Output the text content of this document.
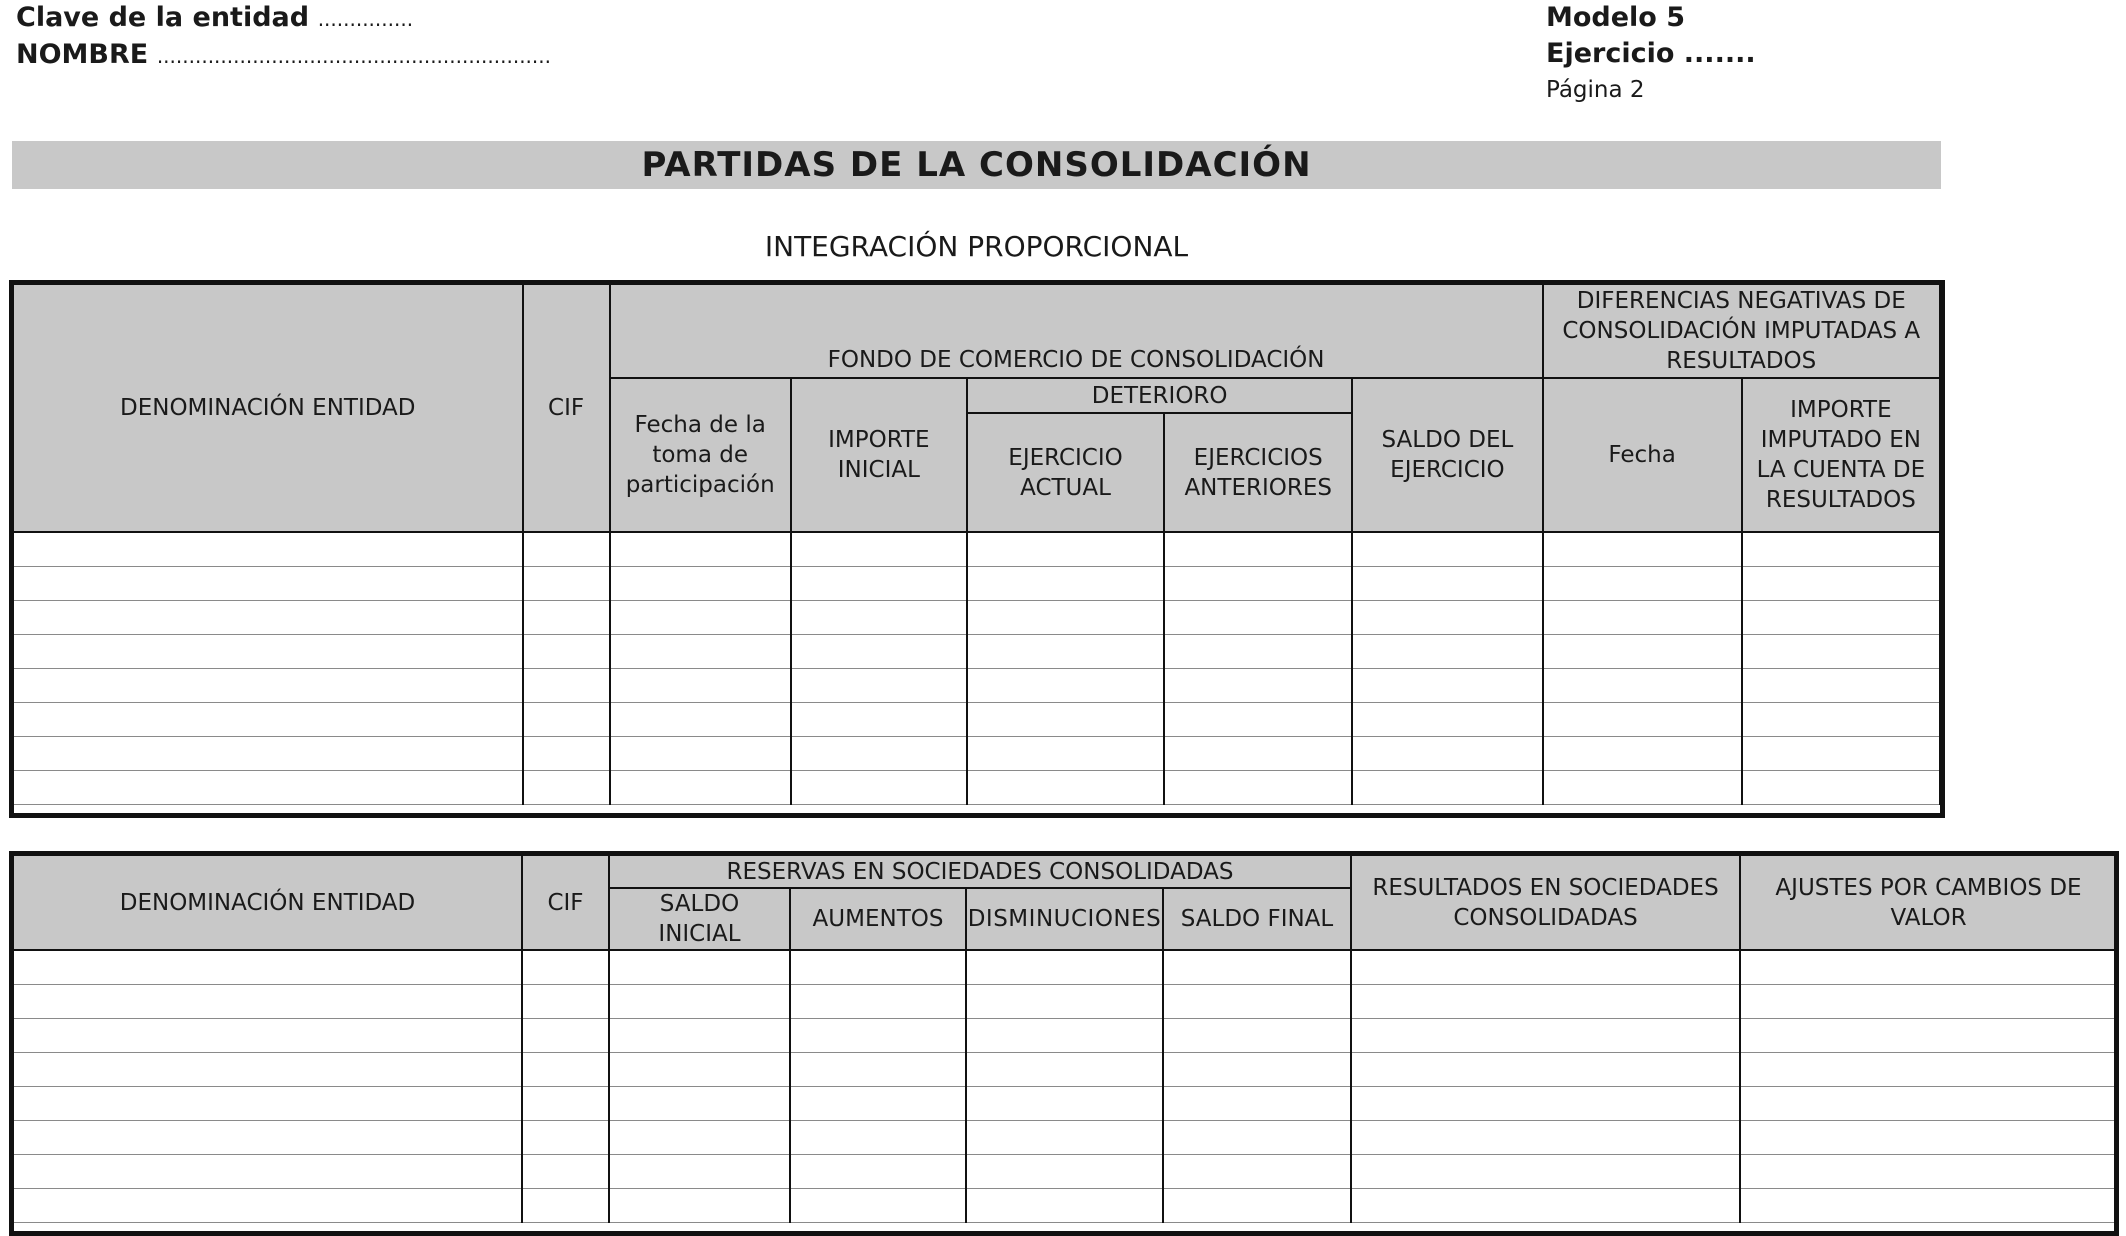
Clave de la entidad ...............
NOMBRE ..............................................................
Modelo 5
Ejercicio .......
Página 2
PARTIDAS DE LA CONSOLIDACIÓN
INTEGRACIÓN PROPORCIONAL
DENOMINACIÓN ENTIDAD	CIF	FONDO DE COMERCIO DE CONSOLIDACIÓN					DIFERENCIAS NEGATIVAS DE CONSOLIDACIÓN IMPUTADAS A RESULTADOS	
		Fecha de la toma de participación	IMPORTE INICIAL	DETERIORO		SALDO DEL EJERCICIO	Fecha	IMPORTE IMPUTADO EN LA CUENTA DE RESULTADOS
				EJERCICIO ACTUAL	EJERCICIOS ANTERIORES			

DENOMINACIÓN ENTIDAD	CIF	RESERVAS EN SOCIEDADES CONSOLIDADAS				RESULTADOS EN SOCIEDADES CONSOLIDADAS	AJUSTES POR CAMBIOS DE VALOR
		SALDO INICIAL	AUMENTOS	DISMINUCIONES	SALDO FINAL		
